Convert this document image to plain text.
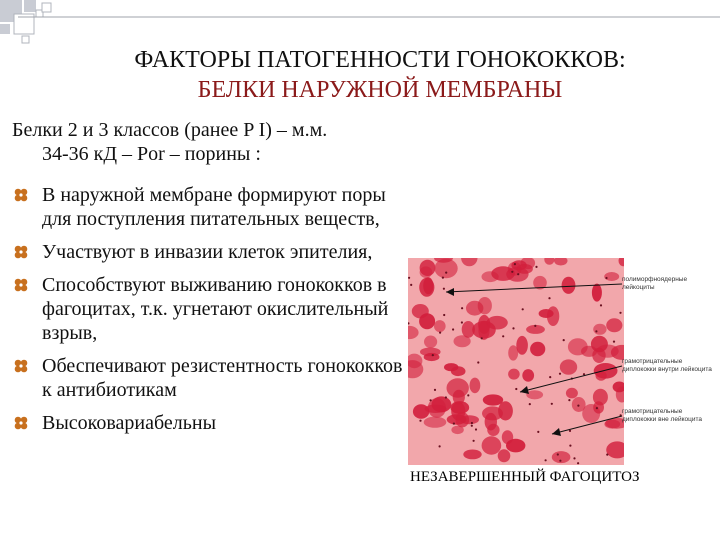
ФАКТОРЫ ПАТОГЕННОСТИ ГОНОКОККОВ:
БЕЛКИ НАРУЖНОЙ МЕМБРАНЫ
Белки 2 и 3 классов (ранее P I) – м.м.
34-36 кД – Por – порины :
В наружной мембране формируют поры для поступления питательных веществ,
Участвуют в инвазии клеток эпителия,
Способствуют выживанию гонококков в фагоцитах, т.к. угнетают окислительный взрыв,
Обеспечивают резистентность гонококков к антибиотикам
Высоковариабельны
полиморфноядерные лейкоциты
грамотрицательные диплококки внутри лейкоцита
грамотрицательные диплококки вне лейкоцита
НЕЗАВЕРШЕННЫЙ ФАГОЦИТОЗ
